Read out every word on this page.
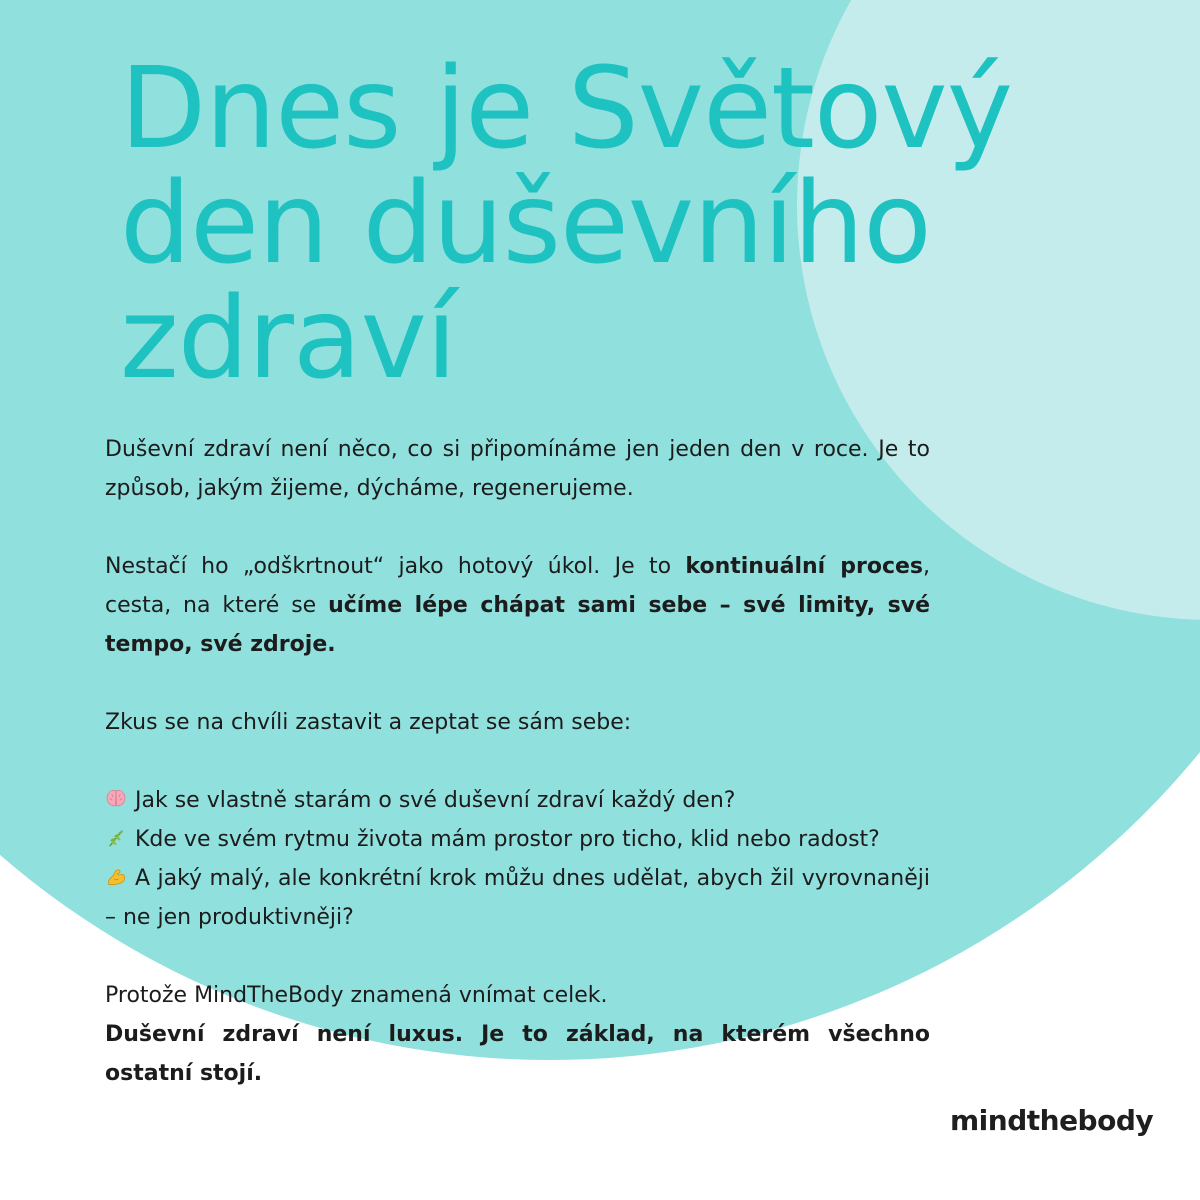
Dnes je Světový
den duševního
zdraví

Duševní zdraví není něco, co si připomínáme jen jeden den v roce. Je to způsob, jakým žijeme, dýcháme, regenerujeme.

Nestačí ho „odškrtnout“ jako hotový úkol. Je to kontinuální proces, cesta, na které se učíme lépe chápat sami sebe – své limity, své tempo, své zdroje.

Zkus se na chvíli zastavit a zeptat se sám sebe:

Jak se vlastně starám o své duševní zdraví každý den?
Kde ve svém rytmu života mám prostor pro ticho, klid nebo radost?
A jaký malý, ale konkrétní krok můžu dnes udělat, abych žil vyrovnaněji – ne jen produktivněji?
Protože MindTheBody znamená vnímat celek.
Duševní zdraví není luxus. Je to základ, na kterém všechno ostatní stojí.
mindthebody
